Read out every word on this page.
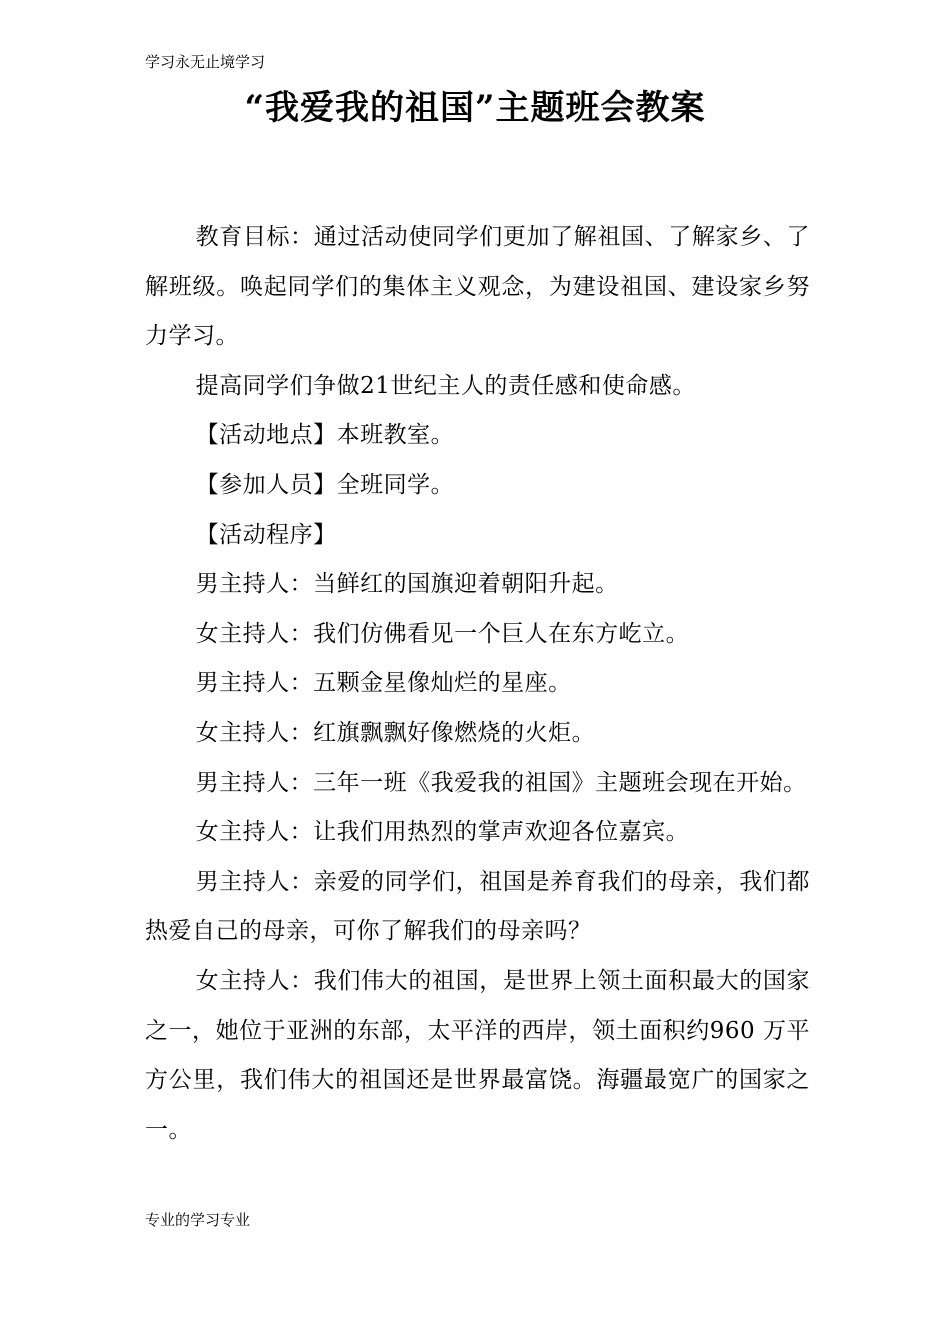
学习永无止境学习
“我爱我的祖国”主题班会教案

教育目标：通过活动使同学们更加了解祖国、了解家乡、了解班级。唤起同学们的集体主义观念，为建设祖国、建设家乡努力学习。

提高同学们争做21世纪主人的责任感和使命感。

【活动地点】本班教室。

【参加人员】全班同学。

【活动程序】

男主持人：当鲜红的国旗迎着朝阳升起。

女主持人：我们仿佛看见一个巨人在东方屹立。

男主持人：五颗金星像灿烂的星座。

女主持人：红旗飘飘好像燃烧的火炬。

男主持人：三年一班《我爱我的祖国》主题班会现在开始。

女主持人：让我们用热烈的掌声欢迎各位嘉宾。

男主持人：亲爱的同学们，祖国是养育我们的母亲，我们都热爱自己的母亲，可你了解我们的母亲吗？

女主持人：我们伟大的祖国，是世界上领土面积最大的国家之一，她位于亚洲的东部，太平洋的西岸，领土面积约960 万平方公里，我们伟大的祖国还是世界最富饶。海疆最宽广的国家之一。

专业的学习专业
